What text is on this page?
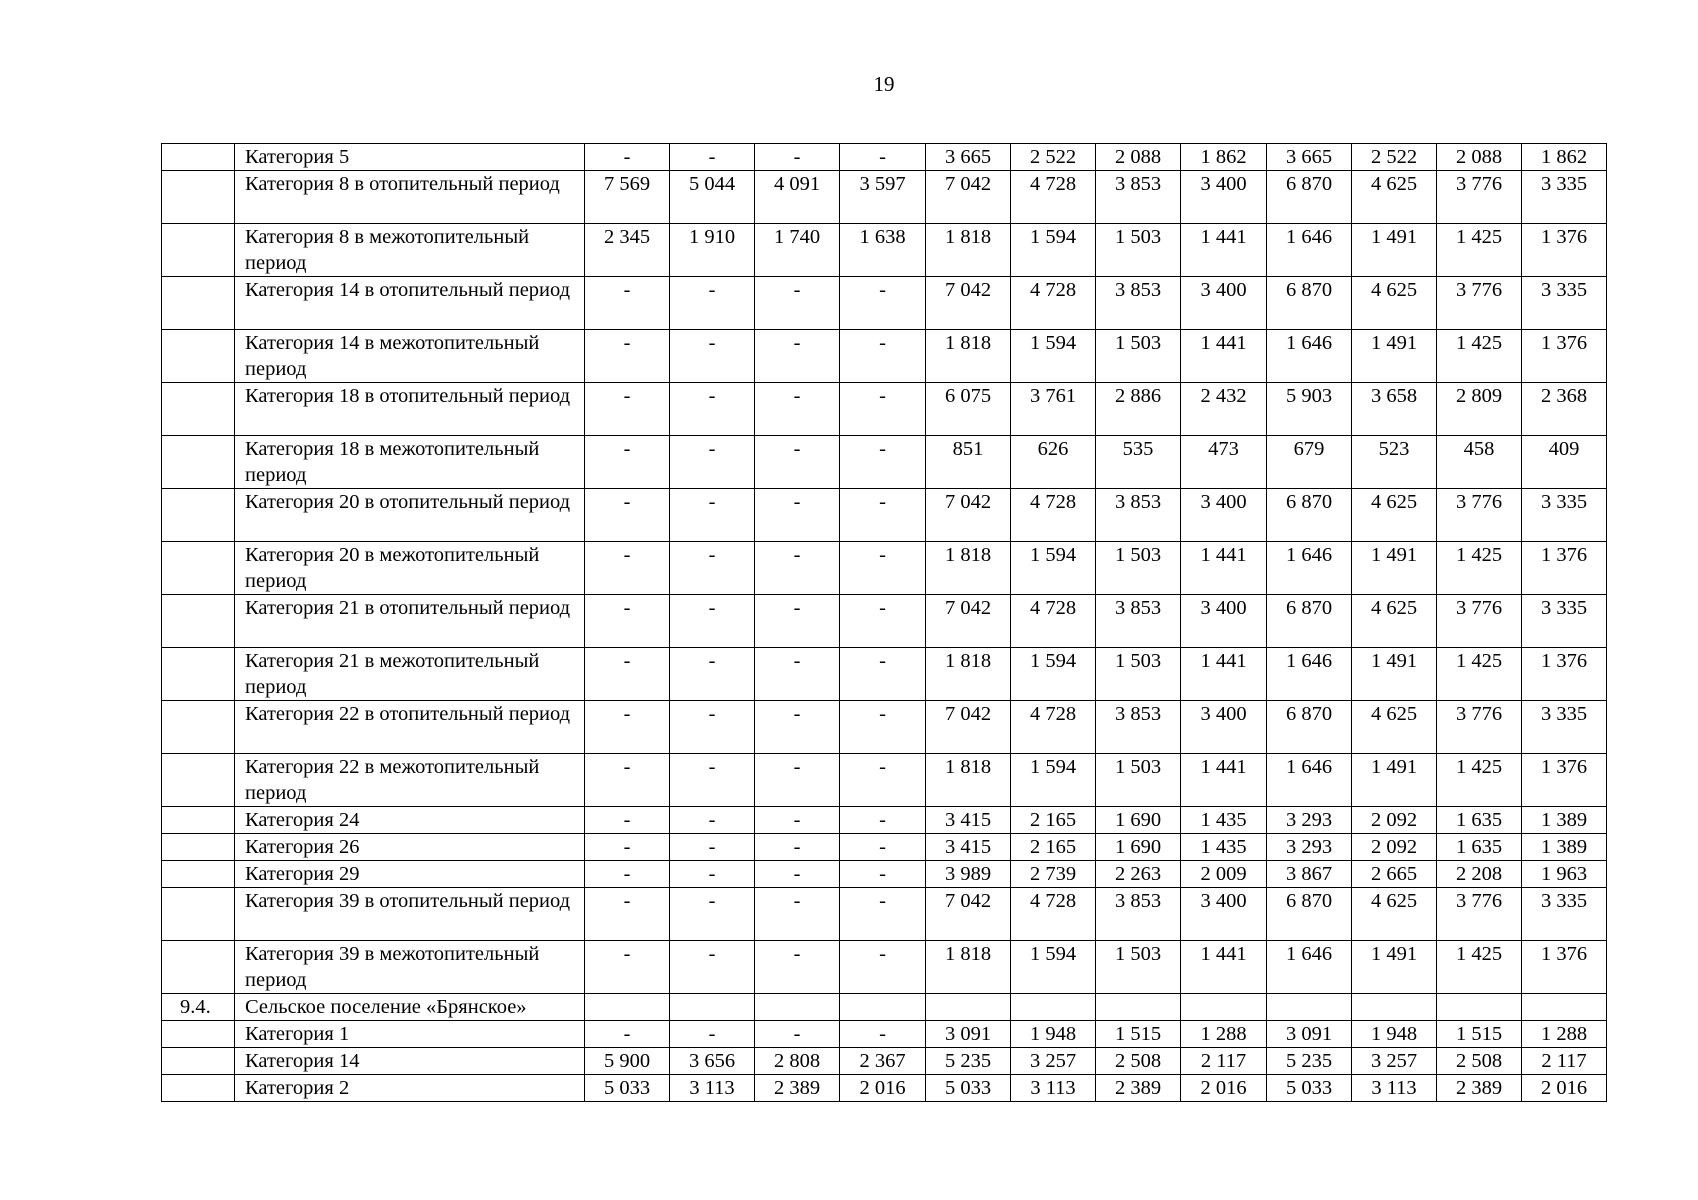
19
	Категория 5	-	-	-	-	3 665	2 522	2 088	1 862	3 665	2 522	2 088	1 862
	Категория 8 в отопительный период	7 569	5 044	4 091	3 597	7 042	4 728	3 853	3 400	6 870	4 625	3 776	3 335
	Категория 8 в межотопительный период	2 345	1 910	1 740	1 638	1 818	1 594	1 503	1 441	1 646	1 491	1 425	1 376
	Категория 14 в отопительный период	-	-	-	-	7 042	4 728	3 853	3 400	6 870	4 625	3 776	3 335
	Категория 14 в межотопительный период	-	-	-	-	1 818	1 594	1 503	1 441	1 646	1 491	1 425	1 376
	Категория 18 в отопительный период	-	-	-	-	6 075	3 761	2 886	2 432	5 903	3 658	2 809	2 368
	Категория 18 в межотопительный период	-	-	-	-	851	626	535	473	679	523	458	409
	Категория 20 в отопительный период	-	-	-	-	7 042	4 728	3 853	3 400	6 870	4 625	3 776	3 335
	Категория 20 в межотопительный период	-	-	-	-	1 818	1 594	1 503	1 441	1 646	1 491	1 425	1 376
	Категория 21 в отопительный период	-	-	-	-	7 042	4 728	3 853	3 400	6 870	4 625	3 776	3 335
	Категория 21 в межотопительный период	-	-	-	-	1 818	1 594	1 503	1 441	1 646	1 491	1 425	1 376
	Категория 22 в отопительный период	-	-	-	-	7 042	4 728	3 853	3 400	6 870	4 625	3 776	3 335
	Категория 22 в межотопительный период	-	-	-	-	1 818	1 594	1 503	1 441	1 646	1 491	1 425	1 376
	Категория 24	-	-	-	-	3 415	2 165	1 690	1 435	3 293	2 092	1 635	1 389
	Категория 26	-	-	-	-	3 415	2 165	1 690	1 435	3 293	2 092	1 635	1 389
	Категория 29	-	-	-	-	3 989	2 739	2 263	2 009	3 867	2 665	2 208	1 963
	Категория 39 в отопительный период	-	-	-	-	7 042	4 728	3 853	3 400	6 870	4 625	3 776	3 335
	Категория 39 в межотопительный период	-	-	-	-	1 818	1 594	1 503	1 441	1 646	1 491	1 425	1 376
9.4.	Сельское поселение «Брянское»												
	Категория 1	-	-	-	-	3 091	1 948	1 515	1 288	3 091	1 948	1 515	1 288
	Категория 14	5 900	3 656	2 808	2 367	5 235	3 257	2 508	2 117	5 235	3 257	2 508	2 117
	Категория 2	5 033	3 113	2 389	2 016	5 033	3 113	2 389	2 016	5 033	3 113	2 389	2 016
